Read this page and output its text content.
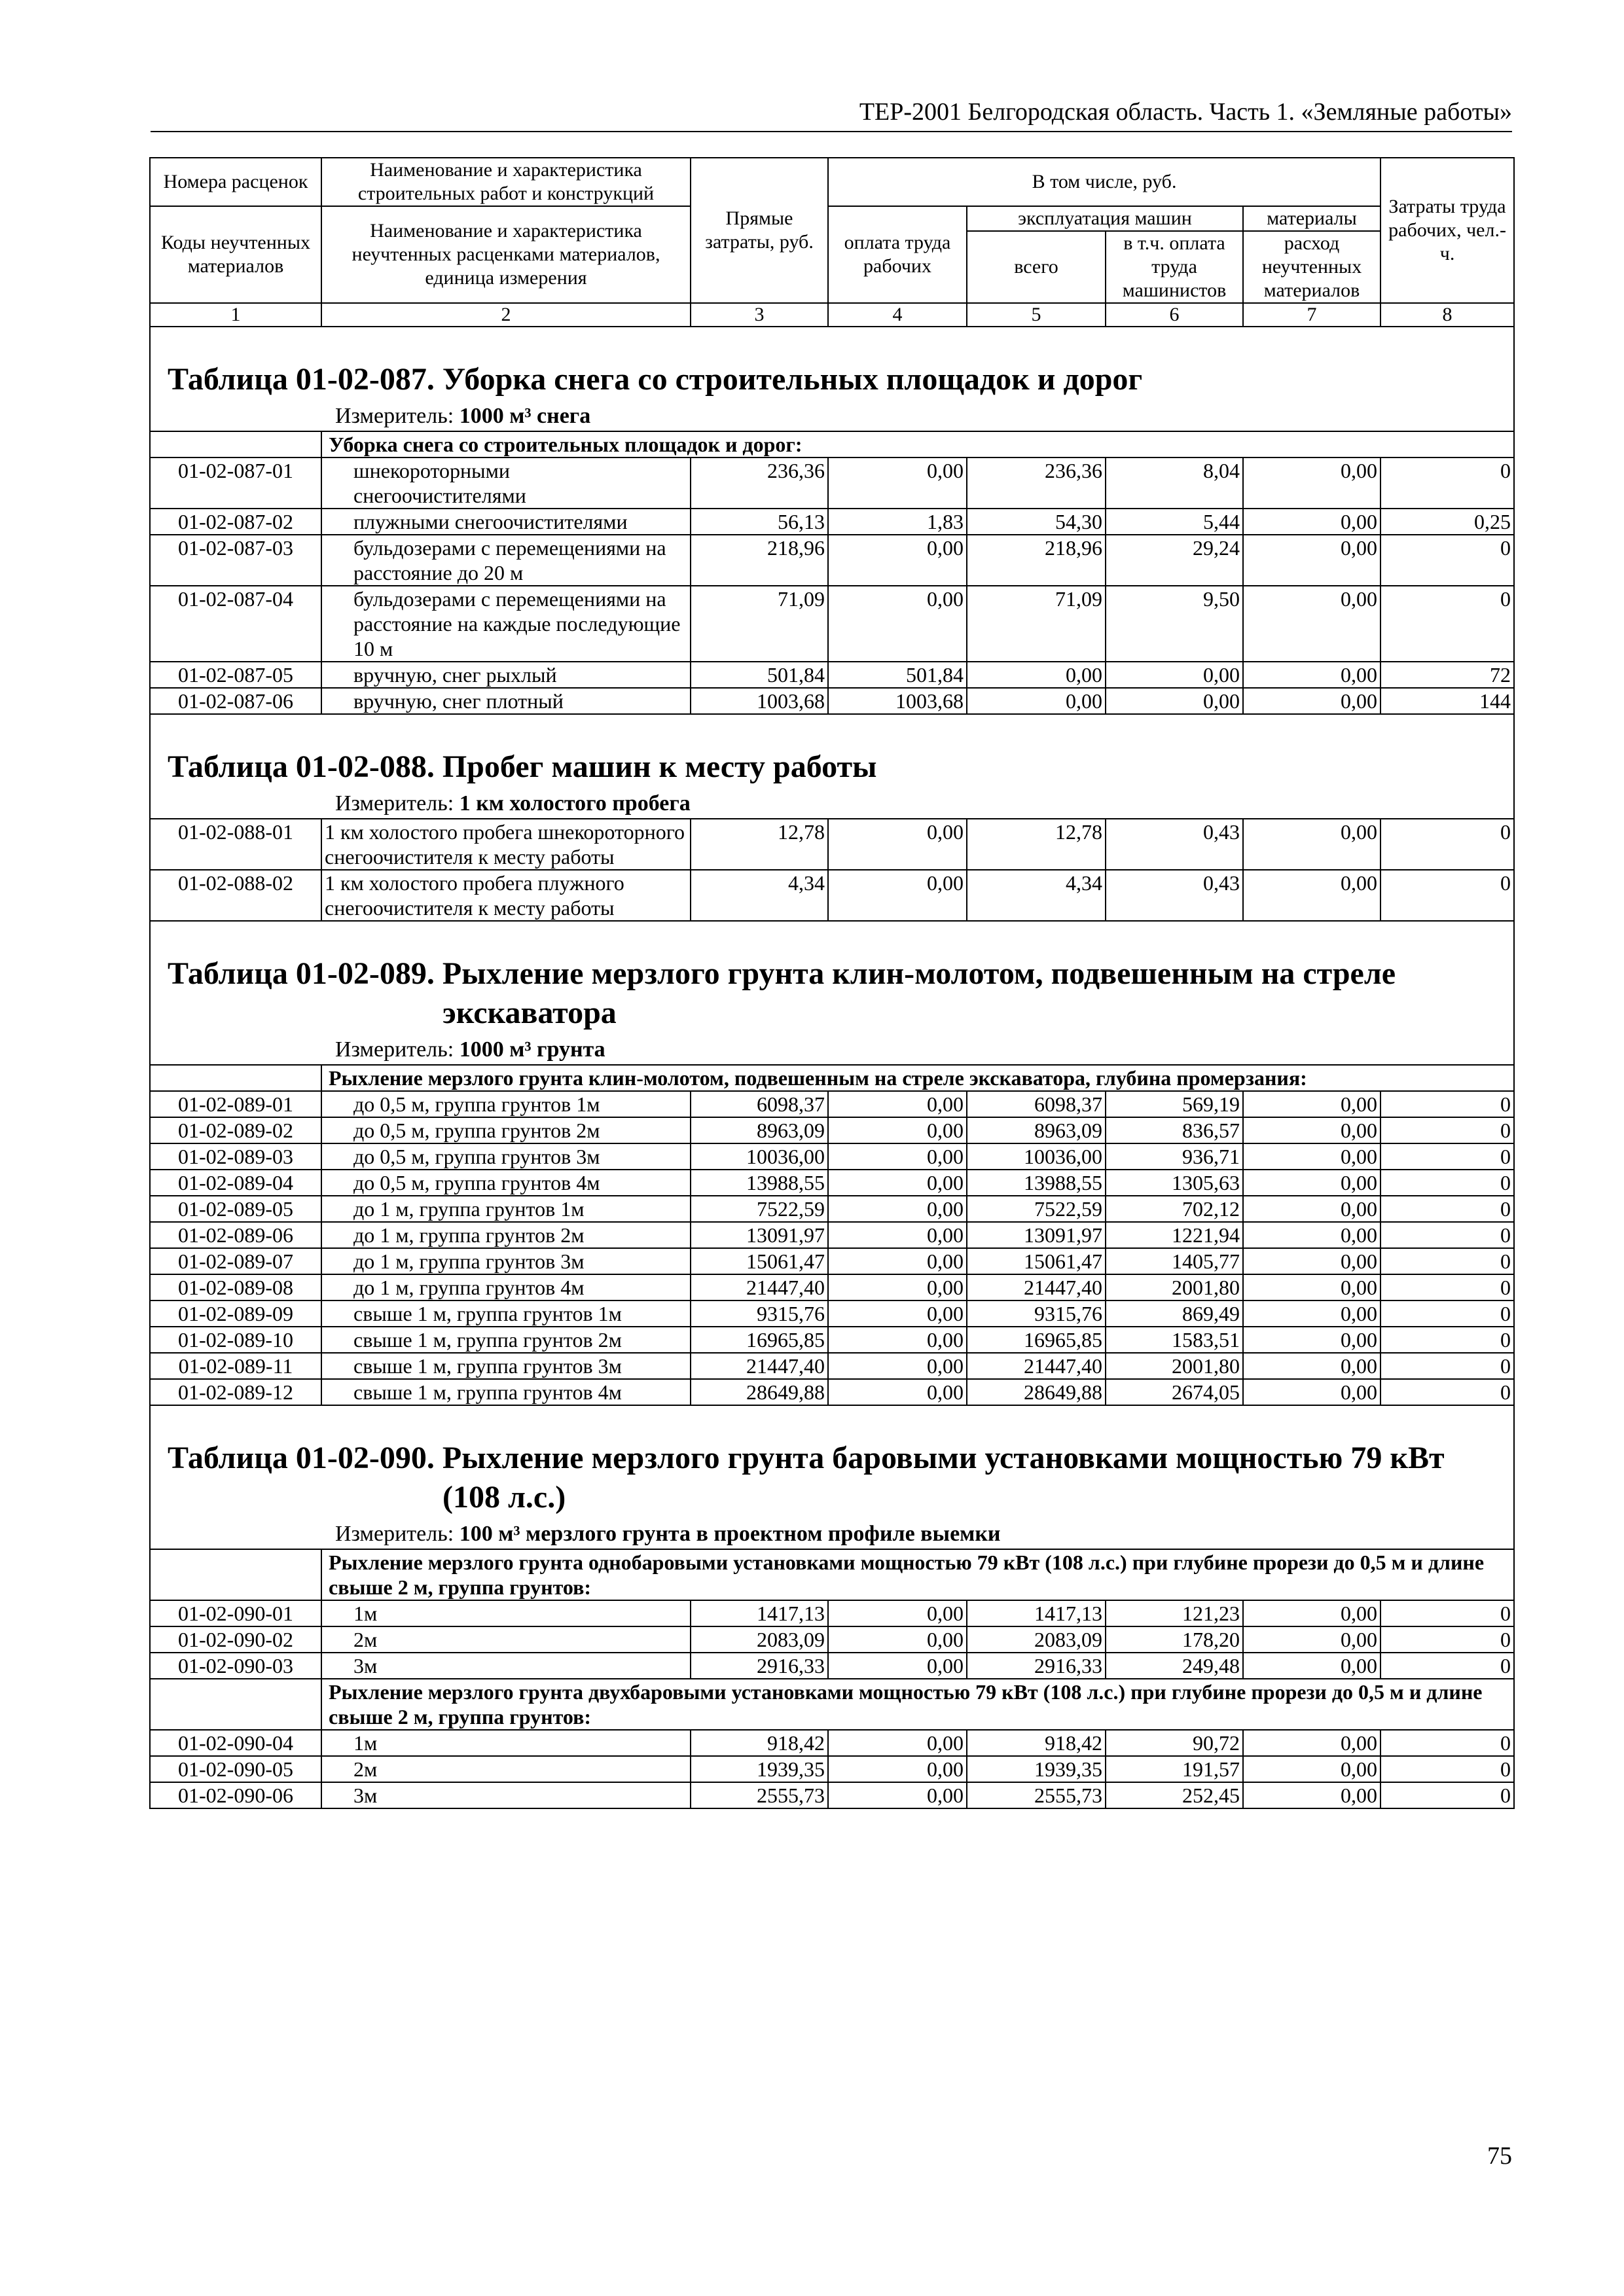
ТЕР-2001 Белгородская область. Часть 1. «Земляные работы»
Номера расценок	Наименование и характеристика строительных работ и конструкций	Прямые затраты, руб.	В том числе, руб.				Затраты труда рабочих, чел.-ч.
Коды неучтенных материалов	Наименование и характеристика неучтенных расценками материалов, единица измерения		оплата труда рабочих	эксплуатация машин		материалы	
				всего	в т.ч. оплата труда машинистов	расход неучтенных материалов	
1	2	3	4	5	6	7	8

Таблица 01-02-087. Уборка снега со строительных площадок и дорог							

Измеритель: 1000 м³ снега							
	Уборка снега со строительных площадок и дорог:						
01-02-087-01	шнекороторными снегоочистителями	236,36	0,00	236,36	8,04	0,00	0
01-02-087-02	плужными снегоочистителями	56,13	1,83	54,30	5,44	0,00	0,25
01-02-087-03	бульдозерами с перемещениями на расстояние до 20 м	218,96	0,00	218,96	29,24	0,00	0
01-02-087-04	бульдозерами с перемещениями на расстояние на каждые последующие 10 м	71,09	0,00	71,09	9,50	0,00	0
01-02-087-05	вручную, снег рыхлый	501,84	501,84	0,00	0,00	0,00	72
01-02-087-06	вручную, снег плотный	1003,68	1003,68	0,00	0,00	0,00	144

Таблица 01-02-088. Пробег машин к месту работы							

Измеритель: 1 км холостого пробега							
01-02-088-01	1 км холостого пробега шнекороторного снегоочистителя к месту работы	12,78	0,00	12,78	0,43	0,00	0
01-02-088-02	1 км холостого пробега плужного снегоочистителя к месту работы	4,34	0,00	4,34	0,43	0,00	0

Таблица 01-02-089. Рыхление мерзлого грунта клин-молотом, подвешенным на стреле
экскаватора							

Измеритель: 1000 м³ грунта							
	Рыхление мерзлого грунта клин-молотом, подвешенным на стреле экскаватора, глубина промерзания:						
01-02-089-01	до 0,5 м, группа грунтов 1м	6098,37	0,00	6098,37	569,19	0,00	0
01-02-089-02	до 0,5 м, группа грунтов 2м	8963,09	0,00	8963,09	836,57	0,00	0
01-02-089-03	до 0,5 м, группа грунтов 3м	10036,00	0,00	10036,00	936,71	0,00	0
01-02-089-04	до 0,5 м, группа грунтов 4м	13988,55	0,00	13988,55	1305,63	0,00	0
01-02-089-05	до 1 м, группа грунтов 1м	7522,59	0,00	7522,59	702,12	0,00	0
01-02-089-06	до 1 м, группа грунтов 2м	13091,97	0,00	13091,97	1221,94	0,00	0
01-02-089-07	до 1 м, группа грунтов 3м	15061,47	0,00	15061,47	1405,77	0,00	0
01-02-089-08	до 1 м, группа грунтов 4м	21447,40	0,00	21447,40	2001,80	0,00	0
01-02-089-09	свыше 1 м, группа грунтов 1м	9315,76	0,00	9315,76	869,49	0,00	0
01-02-089-10	свыше 1 м, группа грунтов 2м	16965,85	0,00	16965,85	1583,51	0,00	0
01-02-089-11	свыше 1 м, группа грунтов 3м	21447,40	0,00	21447,40	2001,80	0,00	0
01-02-089-12	свыше 1 м, группа грунтов 4м	28649,88	0,00	28649,88	2674,05	0,00	0

Таблица 01-02-090. Рыхление мерзлого грунта баровыми установками мощностью 79 кВт
(108 л.с.)							

Измеритель: 100 м³ мерзлого грунта в проектном профиле выемки							
	Рыхление мерзлого грунта однобаровыми установками мощностью 79 кВт (108 л.с.) при глубине прорези до 0,5 м и длине свыше 2 м, группа грунтов:						
01-02-090-01	1м	1417,13	0,00	1417,13	121,23	0,00	0
01-02-090-02	2м	2083,09	0,00	2083,09	178,20	0,00	0
01-02-090-03	3м	2916,33	0,00	2916,33	249,48	0,00	0
	Рыхление мерзлого грунта двухбаровыми установками мощностью 79 кВт (108 л.с.) при глубине прорези до 0,5 м и длине свыше 2 м, группа грунтов:						
01-02-090-04	1м	918,42	0,00	918,42	90,72	0,00	0
01-02-090-05	2м	1939,35	0,00	1939,35	191,57	0,00	0
01-02-090-06	3м	2555,73	0,00	2555,73	252,45	0,00	0
75
